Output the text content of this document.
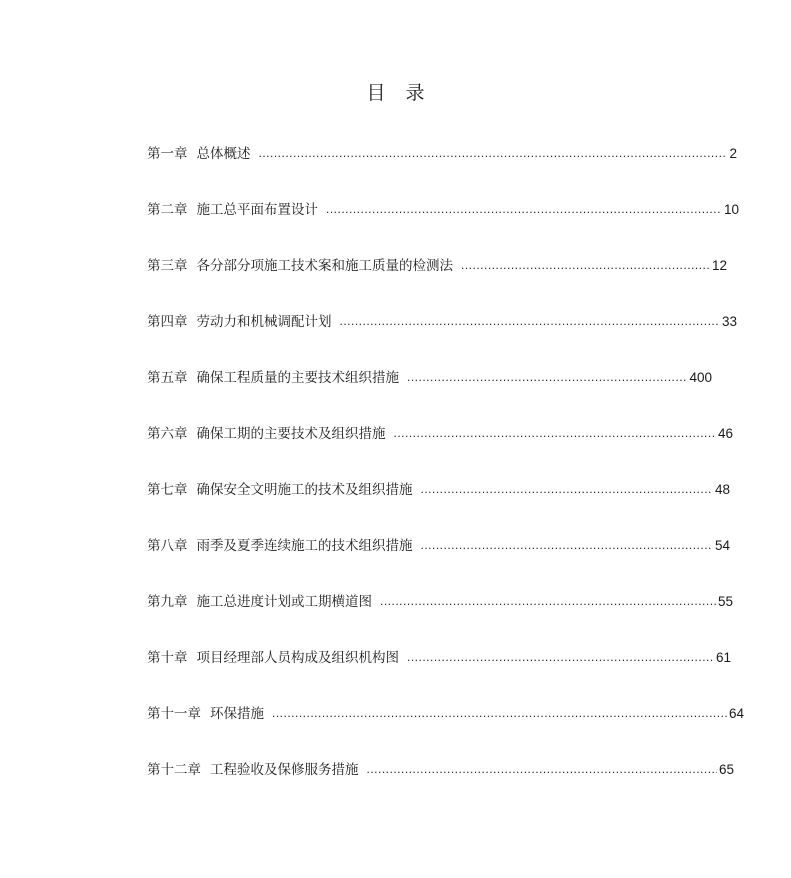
目 录
第一章 总体概述 .....	2
第二章 施工总平面布置设计 .....	10
第三章 各分部分项施工技术案和施工质量的检测法 .....	12
第四章 劳动力和机械调配计划 .....	33
第五章 确保工程质量的主要技术组织措施 .....	400
第六章 确保工期的主要技术及组织措施 .....	46
第七章 确保安全文明施工的技术及组织措施 .....	48
第八章 雨季及夏季连续施工的技术组织措施 .....	54
第九章 施工总进度计划或工期横道图 .....	55
第十章 项目经理部人员构成及组织机构图 .....	61
第十一章 环保措施 .....	64
第十二章 工程验收及保修服务措施 .....	65
